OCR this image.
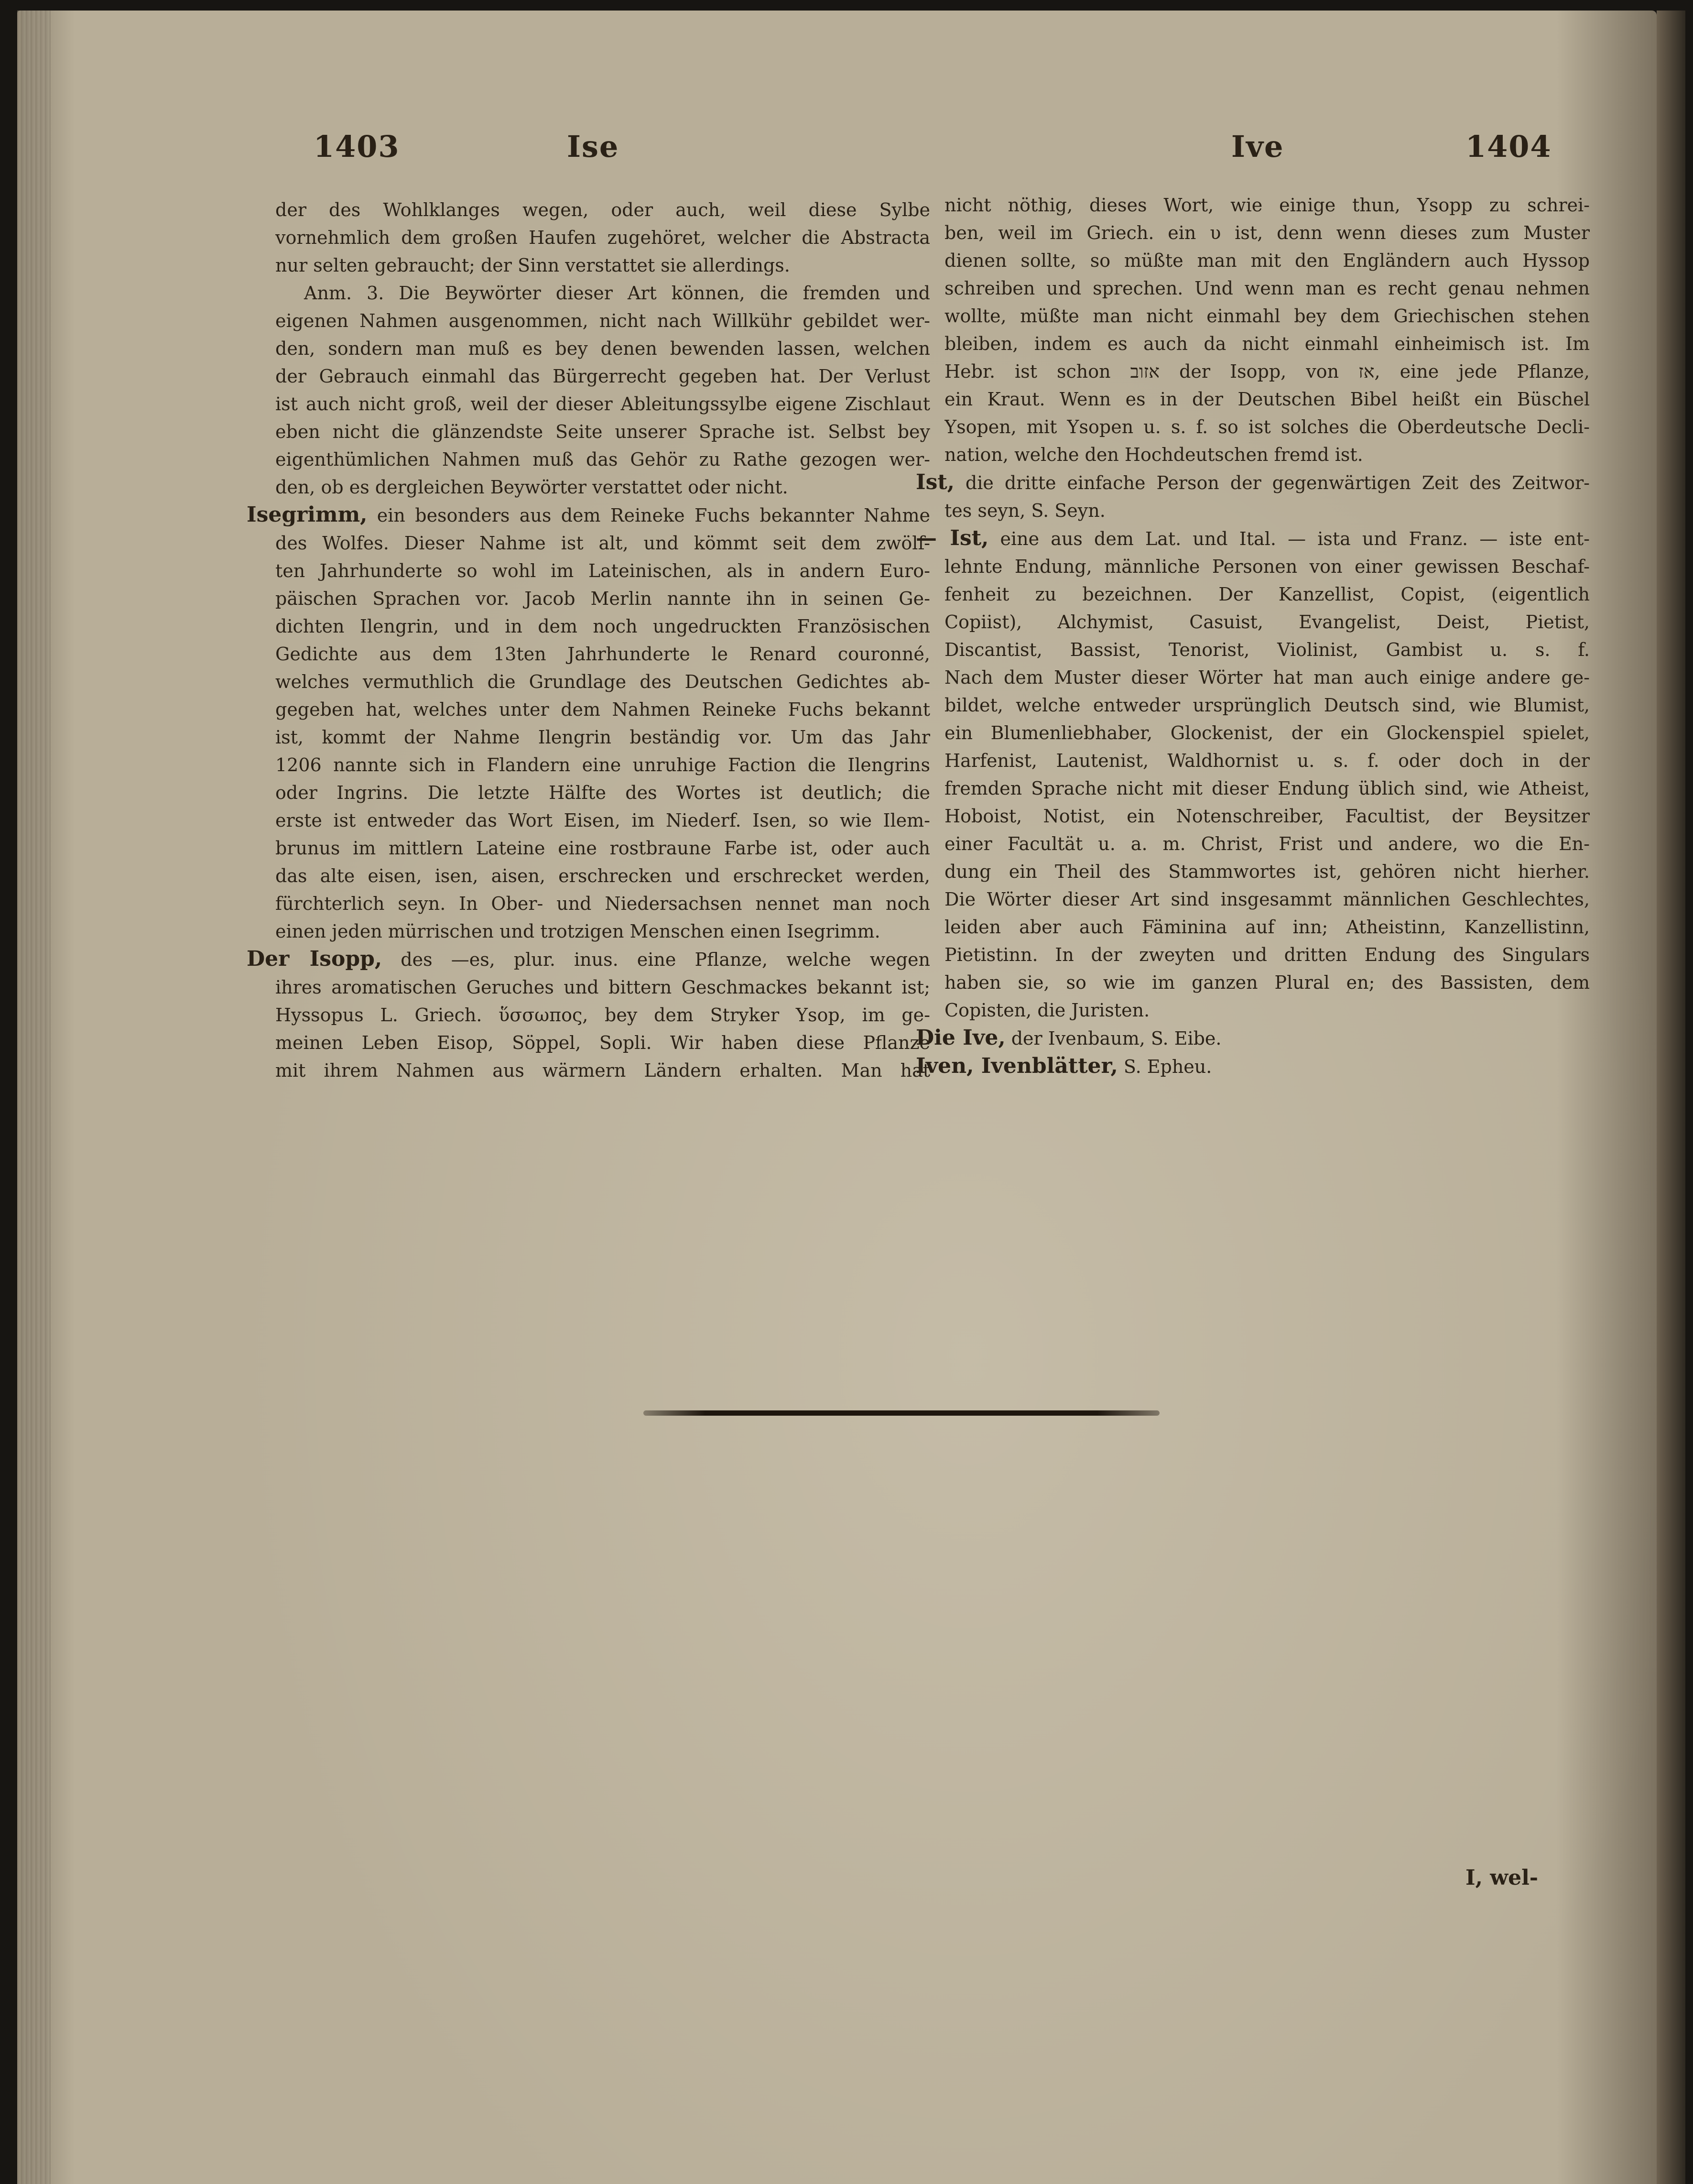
1403	Ise	Ive	1404
der des Wohlklanges wegen, oder auch, weil diese Sylbe
vornehmlich dem großen Haufen zugehöret, welcher die Abstracta
nur selten gebraucht; der Sinn verstattet sie allerdings.
Anm. 3. Die Beywörter dieser Art können, die fremden und
eigenen Nahmen ausgenommen, nicht nach Willkühr gebildet wer-
den, sondern man muß es bey denen bewenden lassen, welchen
der Gebrauch einmahl das Bürgerrecht gegeben hat. Der Verlust
ist auch nicht groß, weil der dieser Ableitungssylbe eigene Zischlaut
eben nicht die glänzendste Seite unserer Sprache ist. Selbst bey
eigenthümlichen Nahmen muß das Gehör zu Rathe gezogen wer-
den, ob es dergleichen Beywörter verstattet oder nicht.
Isegrimm, ein besonders aus dem Reineke Fuchs bekannter Nahme
des Wolfes. Dieser Nahme ist alt, und kömmt seit dem zwölf-
ten Jahrhunderte so wohl im Lateinischen, als in andern Euro-
päischen Sprachen vor. Jacob Merlin nannte ihn in seinen Ge-
dichten Ilengrin, und in dem noch ungedruckten Französischen
Gedichte aus dem 13ten Jahrhunderte le Renard couronné,
welches vermuthlich die Grundlage des Deutschen Gedichtes ab-
gegeben hat, welches unter dem Nahmen Reineke Fuchs bekannt
ist, kommt der Nahme Ilengrin beständig vor. Um das Jahr
1206 nannte sich in Flandern eine unruhige Faction die Ilengrins
oder Ingrins. Die letzte Hälfte des Wortes ist deutlich; die
erste ist entweder das Wort Eisen, im Niederf. Isen, so wie Ilem-
brunus im mittlern Lateine eine rostbraune Farbe ist, oder auch
das alte eisen, isen, aisen, erschrecken und erschrecket werden,
fürchterlich seyn. In Ober- und Niedersachsen nennet man noch
einen jeden mürrischen und trotzigen Menschen einen Isegrimm.
Der Isopp, des —es, plur. inus. eine Pflanze, welche wegen
ihres aromatischen Geruches und bittern Geschmackes bekannt ist;
Hyssopus L. Griech. ὕσσωπος, bey dem Stryker Ysop, im ge-
meinen Leben Eisop, Söppel, Sopli. Wir haben diese Pflanze
mit ihrem Nahmen aus wärmern Ländern erhalten. Man hat
nicht nöthig, dieses Wort, wie einige thun, Ysopp zu schrei-
ben, weil im Griech. ein υ ist, denn wenn dieses zum Muster
dienen sollte, so müßte man mit den Engländern auch Hyssop
schreiben und sprechen. Und wenn man es recht genau nehmen
wollte, müßte man nicht einmahl bey dem Griechischen stehen
bleiben, indem es auch da nicht einmahl einheimisch ist. Im
Hebr. ist schon אזוב der Isopp, von אז, eine jede Pflanze,
ein Kraut. Wenn es in der Deutschen Bibel heißt ein Büschel
Ysopen, mit Ysopen u. s. f. so ist solches die Oberdeutsche Decli-
nation, welche den Hochdeutschen fremd ist.
Ist, die dritte einfache Person der gegenwärtigen Zeit des Zeitwor-
tes seyn, S. Seyn.
— Ist, eine aus dem Lat. und Ital. — ista und Franz. — iste ent-
lehnte Endung, männliche Personen von einer gewissen Beschaf-
fenheit zu bezeichnen. Der Kanzellist, Copist, (eigentlich
Copiist), Alchymist, Casuist, Evangelist, Deist, Pietist,
Discantist, Bassist, Tenorist, Violinist, Gambist u. s. f.
Nach dem Muster dieser Wörter hat man auch einige andere ge-
bildet, welche entweder ursprünglich Deutsch sind, wie Blumist,
ein Blumenliebhaber, Glockenist, der ein Glockenspiel spielet,
Harfenist, Lautenist, Waldhornist u. s. f. oder doch in der
fremden Sprache nicht mit dieser Endung üblich sind, wie Atheist,
Hoboist, Notist, ein Notenschreiber, Facultist, der Beysitzer
einer Facultät u. a. m. Christ, Frist und andere, wo die En-
dung ein Theil des Stammwortes ist, gehören nicht hierher.
Die Wörter dieser Art sind insgesammt männlichen Geschlechtes,
leiden aber auch Fäminina auf inn; Atheistinn, Kanzellistinn,
Pietistinn. In der zweyten und dritten Endung des Singulars
haben sie, so wie im ganzen Plural en; des Bassisten, dem
Copisten, die Juristen.
Die Ive, der Ivenbaum, S. Eibe.
Iven, Ivenblätter, S. Epheu.
I, wel-
